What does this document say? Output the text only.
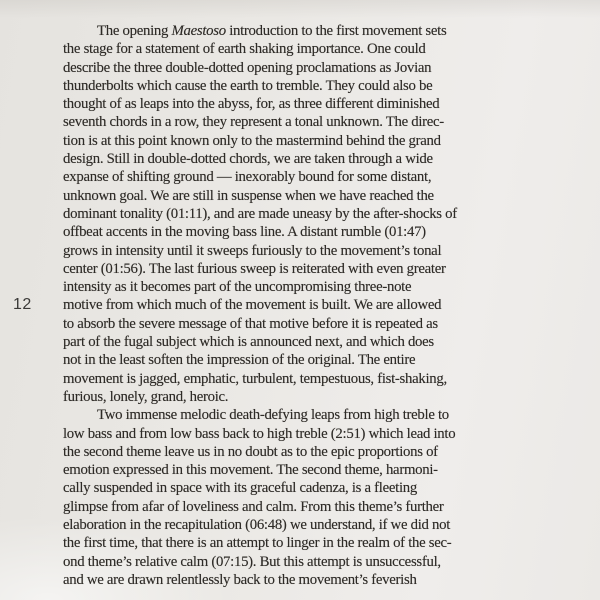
12
The opening Maestoso introduction to the first movement sets
the stage for a statement of earth shaking importance. One could
describe the three double-dotted opening proclamations as Jovian
thunderbolts which cause the earth to tremble. They could also be
thought of as leaps into the abyss, for, as three different diminished
seventh chords in a row, they represent a tonal unknown. The direc-
tion is at this point known only to the mastermind behind the grand
design. Still in double-dotted chords, we are taken through a wide
expanse of shifting ground — inexorably bound for some distant,
unknown goal. We are still in suspense when we have reached the
dominant tonality (01:11), and are made uneasy by the after-shocks of
offbeat accents in the moving bass line. A distant rumble (01:47)
grows in intensity until it sweeps furiously to the movement’s tonal
center (01:56). The last furious sweep is reiterated with even greater
intensity as it becomes part of the uncompromising three-note
motive from which much of the movement is built. We are allowed
to absorb the severe message of that motive before it is repeated as
part of the fugal subject which is announced next, and which does
not in the least soften the impression of the original. The entire
movement is jagged, emphatic, turbulent, tempestuous, fist-shaking,
furious, lonely, grand, heroic.
Two immense melodic death-defying leaps from high treble to
low bass and from low bass back to high treble (2:51) which lead into
the second theme leave us in no doubt as to the epic proportions of
emotion expressed in this movement. The second theme, harmoni-
cally suspended in space with its graceful cadenza, is a fleeting
glimpse from afar of loveliness and calm. From this theme’s further
elaboration in the recapitulation (06:48) we understand, if we did not
the first time, that there is an attempt to linger in the realm of the sec-
ond theme’s relative calm (07:15). But this attempt is unsuccessful,
and we are drawn relentlessly back to the movement’s feverish
